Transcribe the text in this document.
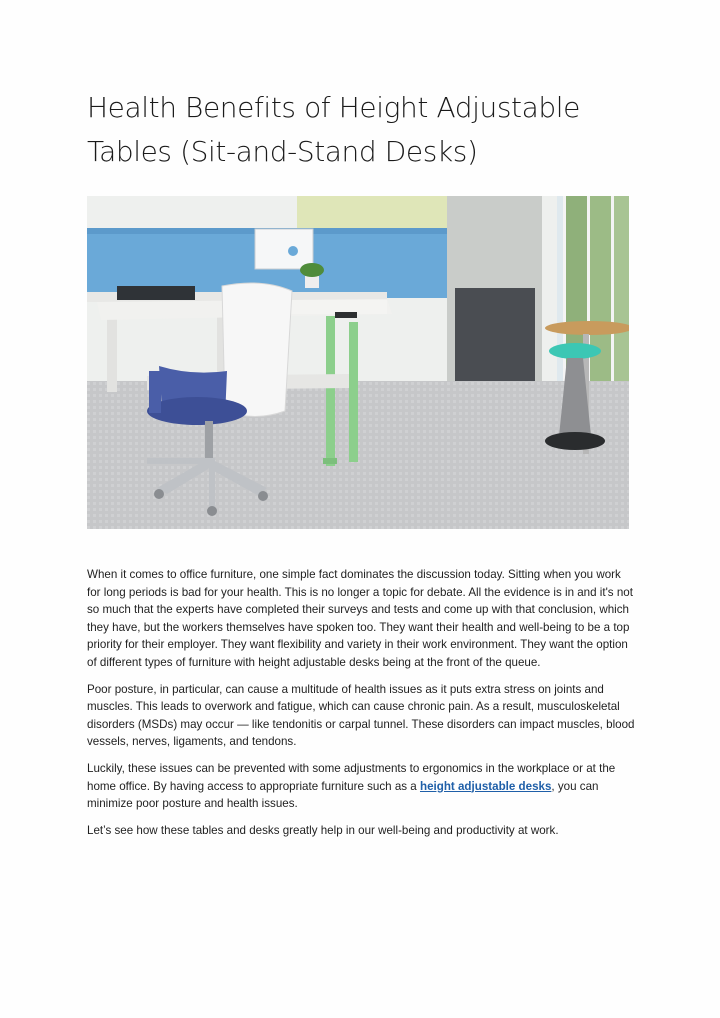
Health Benefits of Height Adjustable Tables (Sit-and-Stand Desks)

When it comes to office furniture, one simple fact dominates the discussion today. Sitting when you work for long periods is bad for your health. This is no longer a topic for debate. All the evidence is in and it's not so much that the experts have completed their surveys and tests and come up with that conclusion, which they have, but the workers themselves have spoken too. They want their health and well-being to be a top priority for their employer. They want flexibility and variety in their work environment. They want the option of different types of furniture with height adjustable desks being at the front of the queue.

Poor posture, in particular, can cause a multitude of health issues as it puts extra stress on joints and muscles. This leads to overwork and fatigue, which can cause chronic pain. As a result, musculoskeletal disorders (MSDs) may occur — like tendonitis or carpal tunnel. These disorders can impact muscles, blood vessels, nerves, ligaments, and tendons.

Luckily, these issues can be prevented with some adjustments to ergonomics in the workplace or at the home office. By having access to appropriate furniture such as a height adjustable desks, you can minimize poor posture and health issues.

Let’s see how these tables and desks greatly help in our well-being and productivity at work.
